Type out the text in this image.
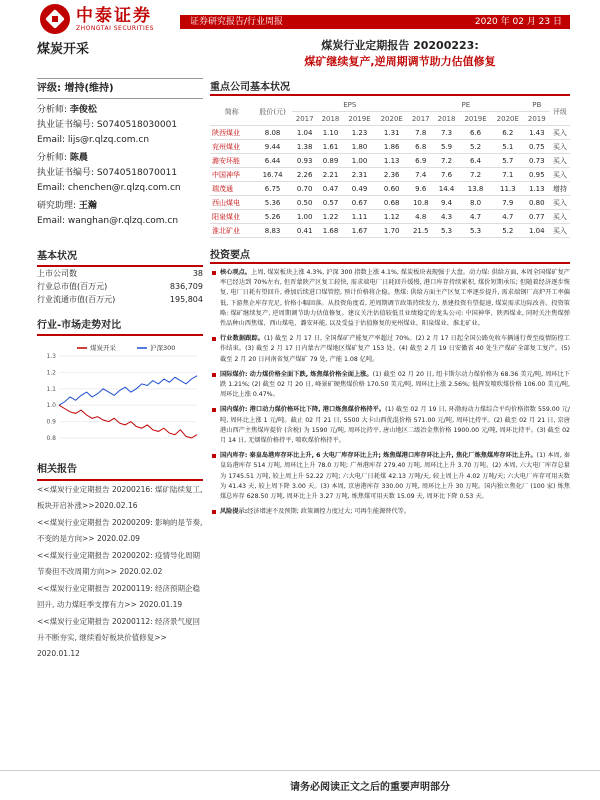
中泰证券
ZHONGTAI SECURITIES
证券研究报告/行业周报	2020 年 02 月 23 日
煤炭开采	煤炭行业定期报告 20200223:
煤矿继续复产,逆周期调节助力估值修复
评级: 增持(维持)
分析师: 李俊松
执业证书编号: S0740518030001
Email: lijs@r.qlzq.com.cn
分析师: 陈晨
执业证书编号: S0740518070011
Email: chenchen@r.qlzq.com.cn
研究助理: 王瀚
Email: wanghan@r.qlzq.com.cn
基本状况
上市公司数	38
行业总市值(百万元)	836,709
行业流通市值(百万元)	195,804
行业-市场走势对比
1.3
1.2
1.1
1.0
0.9
0.8
煤炭开采	沪深300
相关报告
<<煤炭行业定期报告 20200216: 煤矿陆续复工, 板块开启补涨>>2020.02.16
<<煤炭行业定期报告 20200209: 影响的是节奏, 不变的是方向>> 2020.02.09
<<煤炭行业定期报告 20200202: 疫情导化周期节奏但不改周期方向>> 2020.02.02
<<煤炭行业定期报告 20200119: 经济预期企稳回升, 动力煤旺季支撑有力>> 2020.01.19
<<煤炭行业定期报告 20200112: 经济景气度回升不断夯实, 继续看好板块价值修复>> 2020.01.12
重点公司基本状况
简称	股价(元)	EPS				PE				PB	评级
		2017	2018	2019E	2020E	2017	2018	2019E	2020E	2019	
陕西煤业	8.08	1.04	1.10	1.23	1.31	7.8	7.3	6.6	6.2	1.43	买入
兖州煤业	9.44	1.38	1.61	1.80	1.86	6.8	5.9	5.2	5.1	0.75	买入
潞安环能	6.44	0.93	0.89	1.00	1.13	6.9	7.2	6.4	5.7	0.73	买入
中国神华	16.74	2.26	2.21	2.31	2.36	7.4	7.6	7.2	7.1	0.95	买入
瑞茂通	6.75	0.70	0.47	0.49	0.60	9.6	14.4	13.8	11.3	1.13	增持
西山煤电	5.36	0.50	0.57	0.67	0.68	10.8	9.4	8.0	7.9	0.80	买入
阳泉煤业	5.26	1.00	1.22	1.11	1.12	4.8	4.3	4.7	4.7	0.77	买入
淮北矿业	8.83	0.41	1.68	1.67	1.70	21.5	5.3	5.3	5.2	1.04	买入
投资要点
核心观点。上周, 煤炭板块上涨 4.3%, 沪深 300 指数上涨 4.1%, 煤炭板块表现强于大盘。动力煤: 供给方面, 本周全国煤矿复产率已经达到 70%左右, 但晋蒙陕产区复工较快, 需求端电厂日耗回升缓慢, 港口库存持续累积, 煤价短期承压; 但随着经济逐步恢复, 电厂日耗有望回升, 叠加后续进口煤管控, 预计价格将企稳。焦煤: 供给方面主产区复工率逐步提升, 需求端钢厂高炉开工率偏低, 下游焦企库存充足, 价格小幅回落。从投资角度看, 逆周期调节政策持续发力, 基建投资有望提速, 煤炭需求边际改善。投资策略: 煤矿继续复产, 逆周期调节助力估值修复。建议关注估值较低且业绩稳定的龙头公司: 中国神华、陕西煤业, 同时关注焦煤弹性品种山西焦煤、西山煤电、潞安环能, 以及受益于估值修复的兖州煤业、阳泉煤业、淮北矿业。
行业数据跟踪。(1) 截至 2 月 17 日, 全国煤矿产能复产率超过 70%。(2) 2 月 17 日起全国公路免收车辆通行费至疫情防控工作结束。(3) 截至 2 月 17 日内蒙古产煤地区煤矿复产 153 处。(4) 截至 2 月 19 日安徽省 40 处生产煤矿全部复工复产。(5) 截至 2 月 20 日河南省复产煤矿 79 处, 产能 1.08 亿吨。
国际煤价: 动力煤价格全面下跌, 炼焦煤价格全面上涨。(1) 截至 02 月 20 日, 纽卡斯尔动力煤价格为 68.36 美元/吨, 周环比下跌 1.21%; (2) 截至 02 月 20 日, 峰景矿硬焦煤价格 170.50 美元/吨, 周环比上涨 2.56%; 低挥发喷吹煤价格 106.00 美元/吨, 周环比上涨 0.47%。
国内煤价: 港口动力煤价格环比下降, 港口炼焦煤价格持平。(1) 截至 02 月 19 日, 环渤海动力煤综合平均价格指数 559.00 元/吨, 周环比上涨 1 元/吨。截止 02 月 21 日, 5500 大卡山西优混价格 571.00 元/吨, 周环比持平。(2) 截至 02 月 21 日, 京唐港山西产主焦煤库提价 (含税) 为 1590 元/吨, 周环比持平, 唐山地区二级冶金焦价格 1900.00 元/吨, 周环比持平。(3) 截至 02 月 14 日, 无烟煤价格持平, 喷吹煤价格持平。
国内库存: 秦皇岛港库存环比上升, 6 大电厂库存环比上升; 炼焦煤港口库存环比上升, 焦化厂炼焦煤库存环比上升。(1) 本周, 秦皇岛港库存 514 万吨, 周环比上升 78.0 万吨; 广州港库存 279.40 万吨, 周环比上升 3.70 万吨。(2) 本周, 六大电厂库存总量为 1745.51 万吨, 较上周上升 52.22 万吨; 六大电厂日耗煤 42.13 万吨/天, 较上周上升 4.02 万吨/天; 六大电厂库存可用天数为 41.43 天, 较上周下降 3.00 天。(3) 本周, 京唐港库存 330.00 万吨, 周环比上升 30 万吨。国内独立焦化厂 (100 家) 炼焦煤总库存 628.50 万吨, 周环比上升 3.27 万吨, 炼焦煤可用天数 15.09 天, 周环比下降 0.53 天。
风险提示:经济增速不及预期; 政策调控力度过大; 可再生能源替代等。
请务必阅读正文之后的重要声明部分
